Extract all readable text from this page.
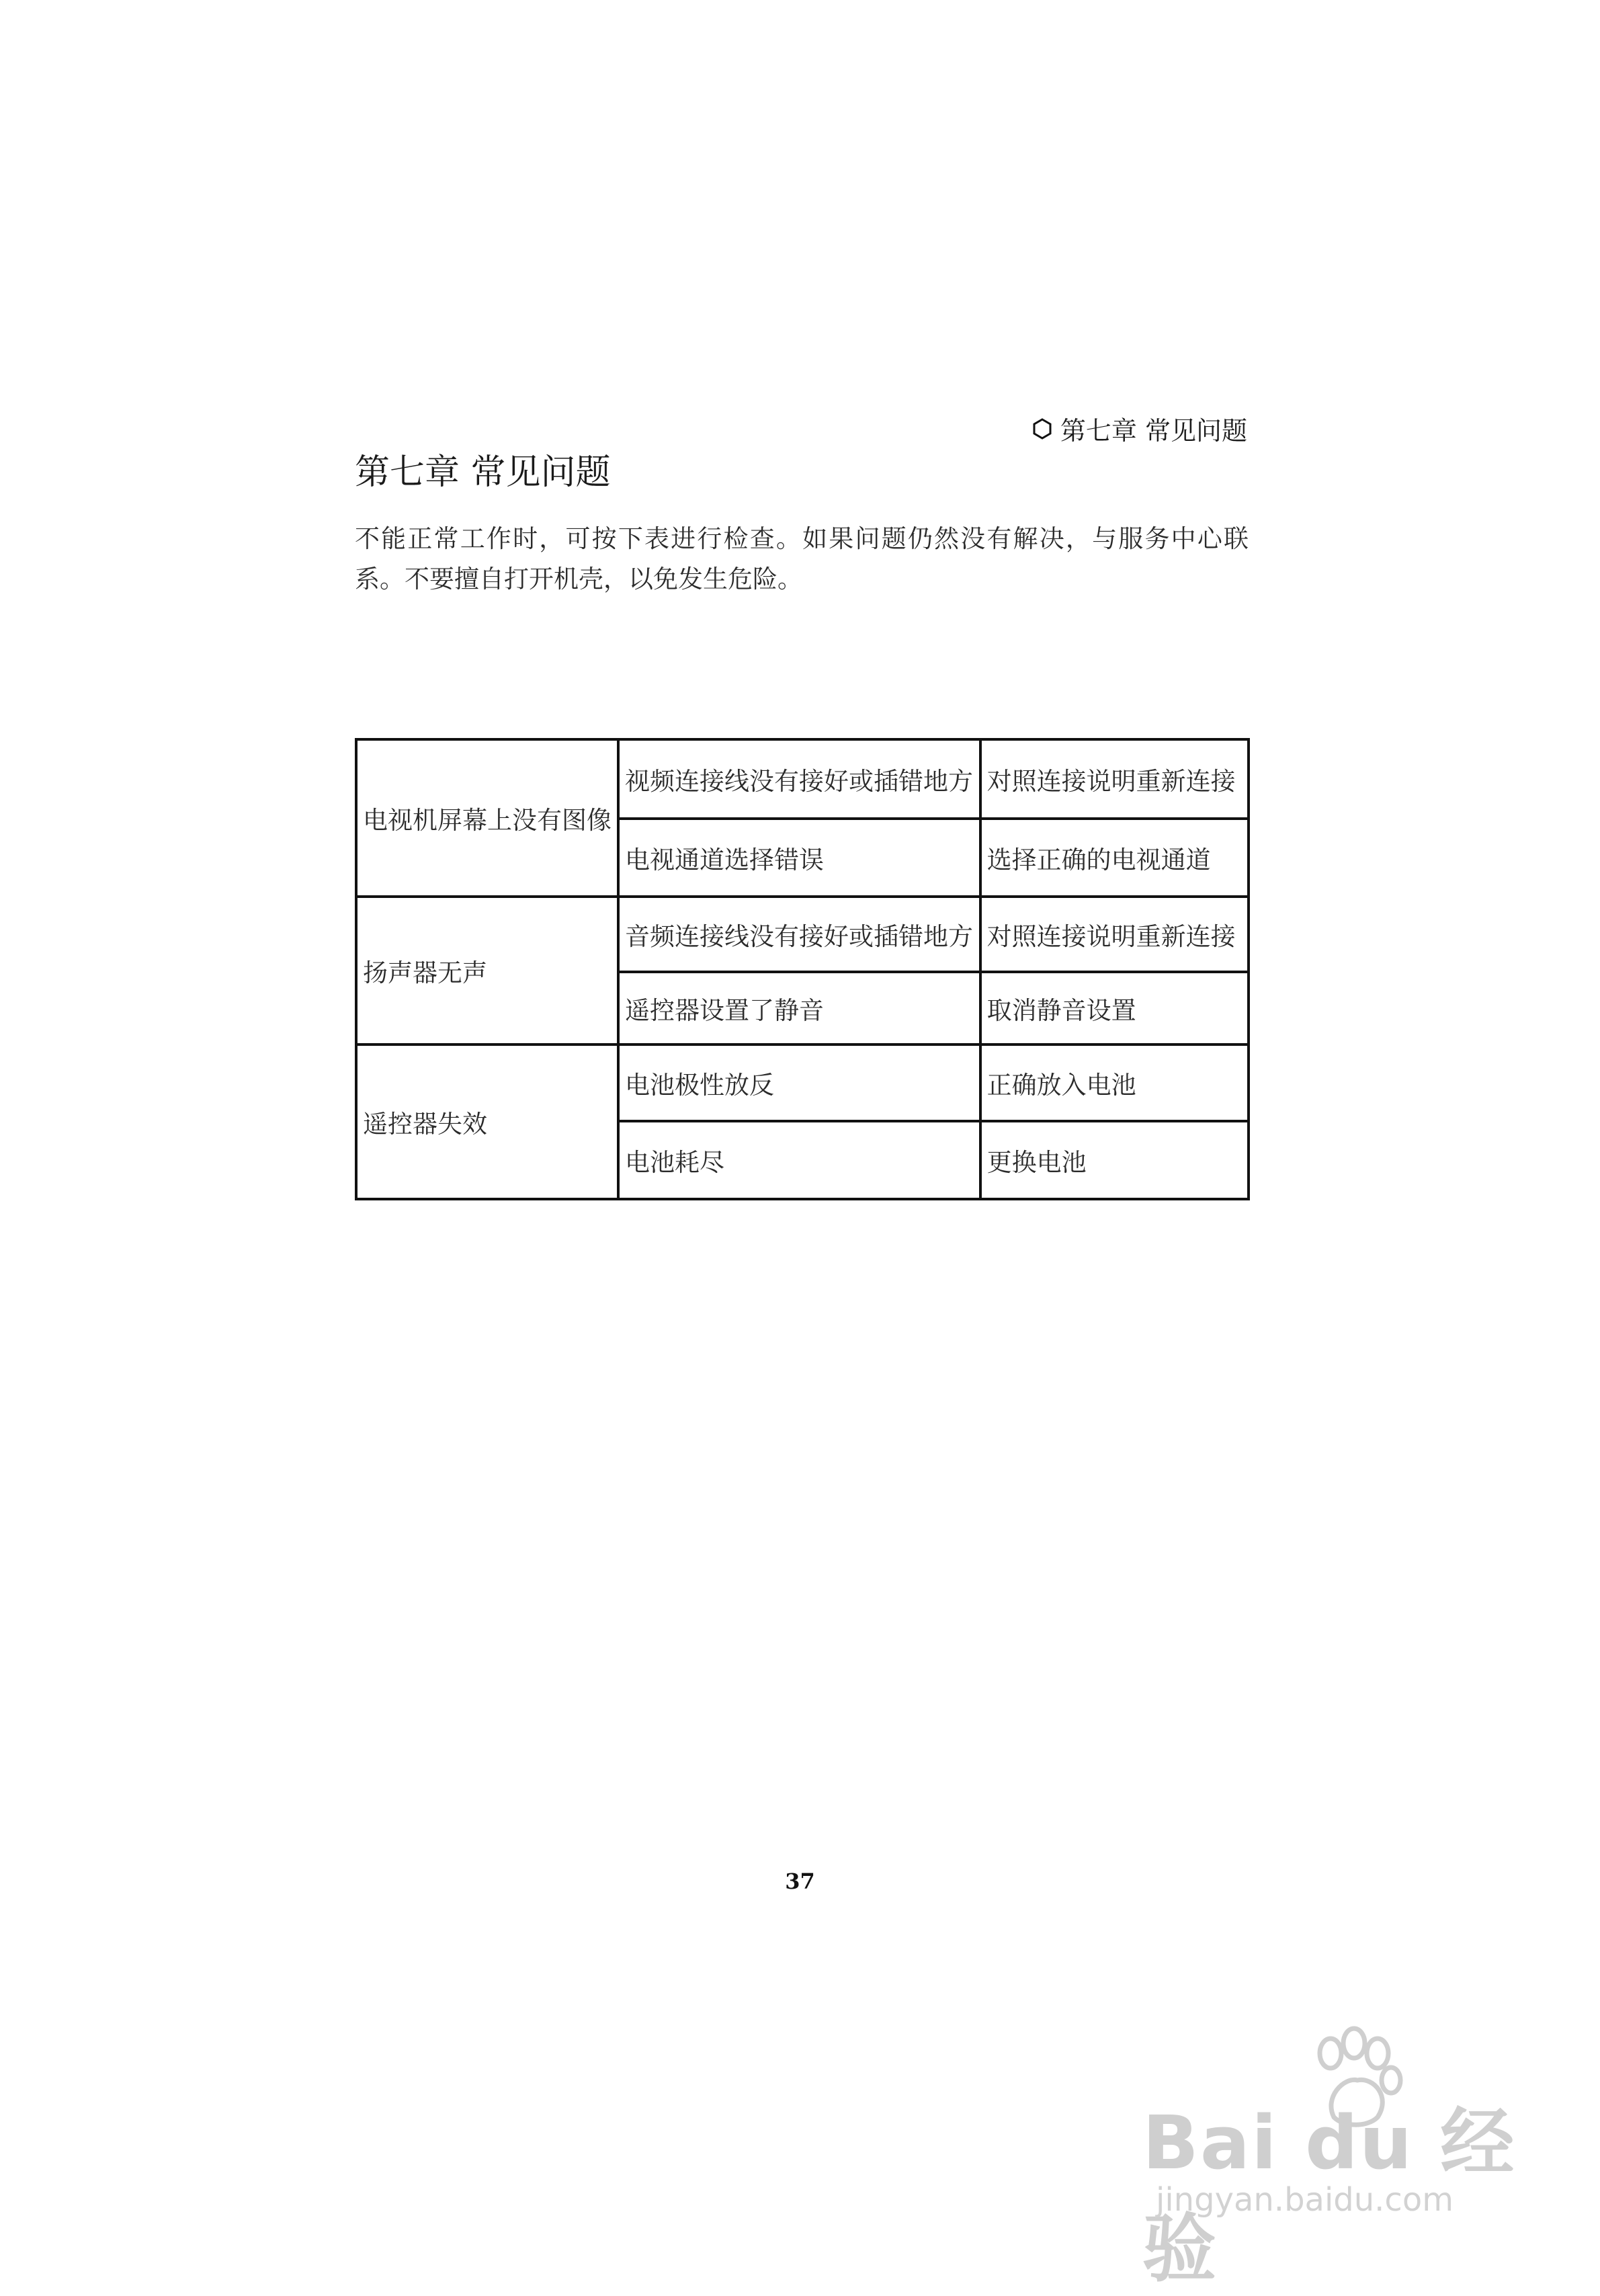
第七章 常见问题
第七章 常见问题

不能正常工作时，可按下表进行检查。如果问题仍然没有解决，与服务中心联系。不要擅自打开机壳，以免发生危险。

电视机屏幕上没有图像	视频连接线没有接好或插错地方	对照连接说明重新连接
	电视通道选择错误	选择正确的电视通道
扬声器无声	音频连接线没有接好或插错地方	对照连接说明重新连接
	遥控器设置了静音	取消静音设置
遥控器失效	电池极性放反	正确放入电池
	电池耗尽	更换电池
37
Bai du 经验
jingyan.baidu.com
